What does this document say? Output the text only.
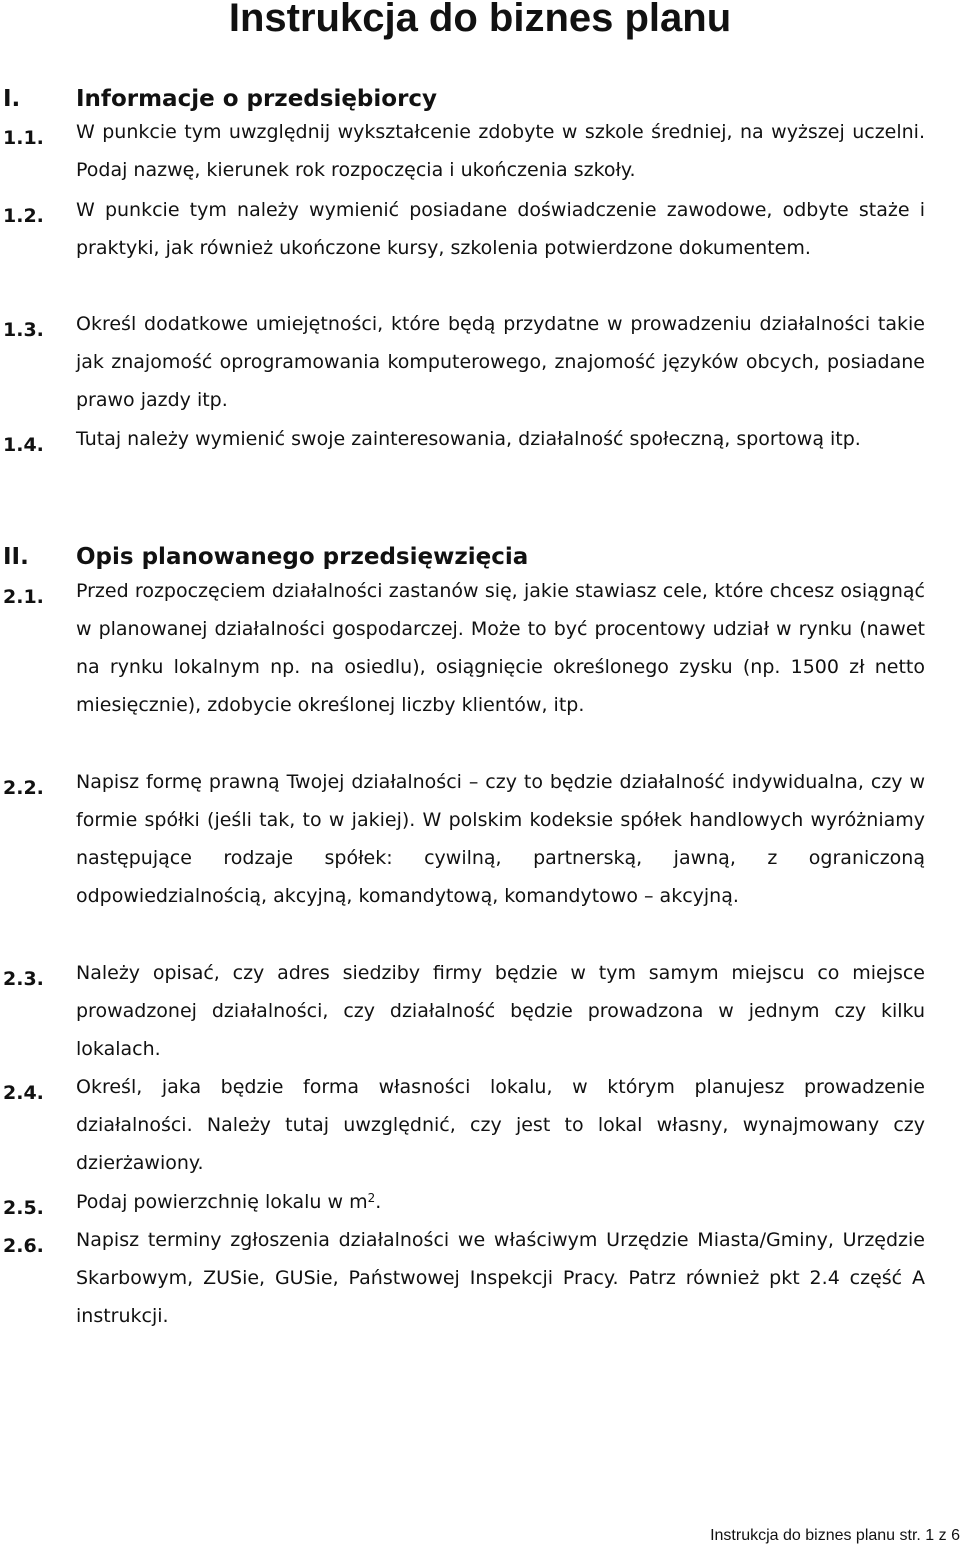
Instrukcja do biznes planu
I. Informacje o przedsiębiorcy
1.1. W punkcie tym uwzględnij wykształcenie zdobyte w szkole średniej, na wyższej uczelni. Podaj nazwę, kierunek rok rozpoczęcia i ukończenia szkoły.

1.2. W punkcie tym należy wymienić posiadane doświadczenie zawodowe, odbyte staże i praktyki, jak również ukończone kursy, szkolenia potwierdzone dokumentem.

1.3. Określ dodatkowe umiejętności, które będą przydatne w prowadzeniu działalności takie jak znajomość oprogramowania komputerowego, znajomość języków obcych, posiadane prawo jazdy itp.

1.4. Tutaj należy wymienić swoje zainteresowania, działalność społeczną, sportową itp.

II. Opis planowanego przedsięwzięcia
2.1. Przed rozpoczęciem działalności zastanów się, jakie stawiasz cele, które chcesz osiągnąć w planowanej działalności gospodarczej. Może to być procentowy udział w rynku (nawet na rynku lokalnym np. na osiedlu), osiągnięcie określonego zysku (np. 1500 zł netto miesięcznie), zdobycie określonej liczby klientów, itp.

2.2. Napisz formę prawną Twojej działalności – czy to będzie działalność indywidualna, czy w formie spółki (jeśli tak, to w jakiej). W polskim kodeksie spółek handlowych wyróżniamy następujące rodzaje spółek: cywilną, partnerską, jawną, z ograniczoną odpowiedzialnością, akcyjną, komandytową, komandytowo – akcyjną.

2.3. Należy opisać, czy adres siedziby firmy będzie w tym samym miejscu co miejsce prowadzonej działalności, czy działalność będzie prowadzona w jednym czy kilku lokalach.

2.4. Określ, jaka będzie forma własności lokalu, w którym planujesz prowadzenie działalności. Należy tutaj uwzględnić, czy jest to lokal własny, wynajmowany czy dzierżawiony.

2.5. Podaj powierzchnię lokalu w $m^2$.

2.6. Napisz terminy zgłoszenia działalności we właściwym Urzędzie Miasta/Gminy, Urzędzie Skarbowym, ZUSie, GUSie, Państwowej Inspekcji Pracy. Patrz również pkt 2.4 część A instrukcji.

Instrukcja do biznes planu str. 1 z 6
